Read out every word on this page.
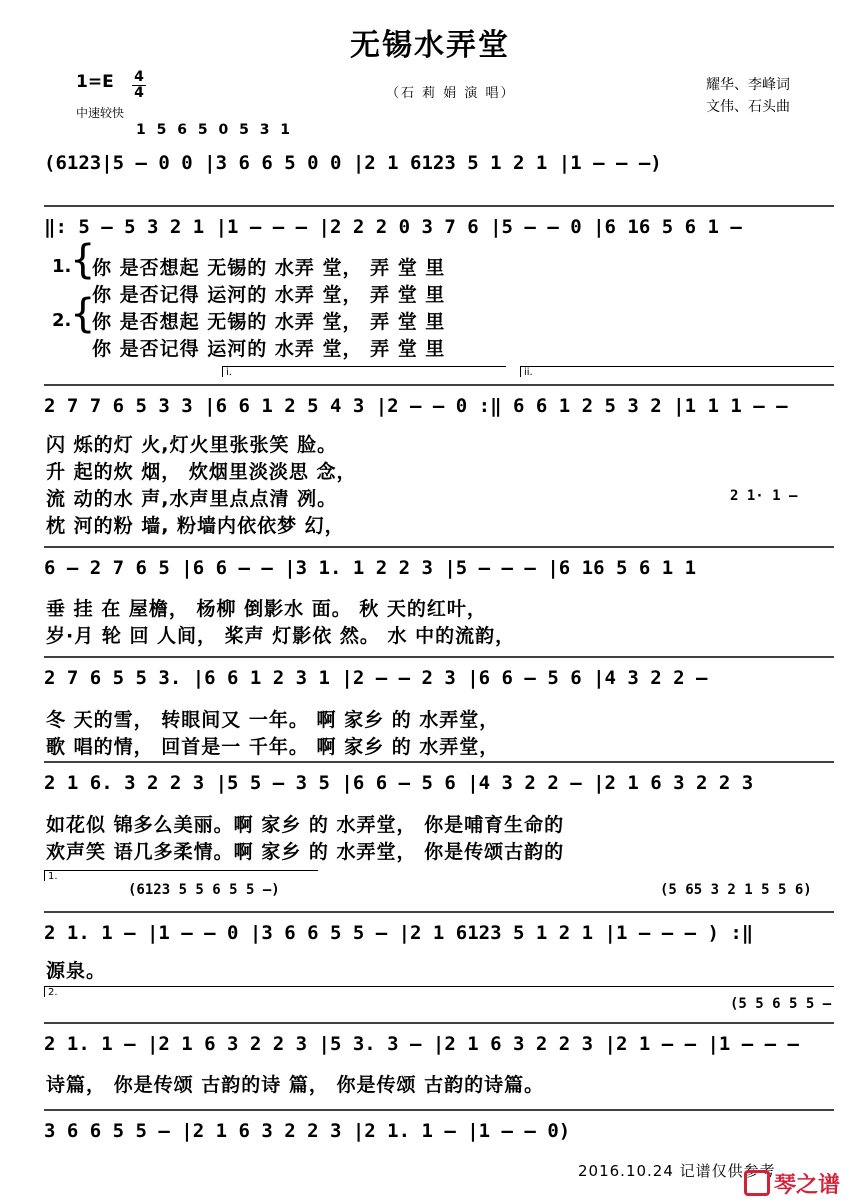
无锡水弄堂
1=E 4
4
中速较快
（石 莉 娟 演 唱）
耀华、李峰词
文伟、石头曲
1 5 6 5 0 5 3 1
(6123|5 – 0 0 |3 6 6 5 0 0 |2 1 6123 5 1 2 1 |1 – – –)
‖: 5 – 5 3 2 1 |1 – – – |2 2 2 0 3 7 6 |5 – – 0 |6 16 5 6 1 –
1.
{
2.
{
你 是否想起 无锡的 水弄 堂， 弄 堂 里
你 是否记得 运河的 水弄 堂， 弄 堂 里
你 是否想起 无锡的 水弄 堂， 弄 堂 里
你 是否记得 运河的 水弄 堂， 弄 堂 里
i.	ii.
2 7 7 6 5 3 3 |6 6 1 2 5 4 3 |2 – – 0 :‖ 6 6 1 2 5 3 2 |1 1 1 – –
闪 烁的灯 火,灯火里张张笑 脸。
升 起的炊 烟， 炊烟里淡淡思 念，
流 动的水 声,水声里点点清 冽。
枕 河的粉 墙, 粉墙内依依梦 幻，
2 1· 1 –
6 – 2 7 6 5 |6 6 – – |3 1. 1 2 2 3 |5 – – – |6 16 5 6 1 1
垂 挂 在 屋檐， 杨柳 倒影水 面。 秋 天的红叶，
岁·月 轮 回 人间， 桨声 灯影依 然。 水 中的流韵，
2 7 6 5 5 3. |6 6 1 2 3 1 |2 – – 2 3 |6 6 – 5 6 |4 3 2 2 –
冬 天的雪， 转眼间又 一年。 啊 家乡 的 水弄堂，
歌 唱的情， 回首是一 千年。 啊 家乡 的 水弄堂，
2 1 6. 3 2 2 3 |5 5 – 3 5 |6 6 – 5 6 |4 3 2 2 – |2 1 6 3 2 2 3
如花似 锦多么美丽。啊 家乡 的 水弄堂， 你是哺育生命的
欢声笑 语几多柔情。啊 家乡 的 水弄堂， 你是传颂古韵的
1.
(6123 5 5 6 5 5 –)	(5 65 3 2 1 5 5 6)
2 1. 1 – |1 – – 0 |3 6 6 5 5 – |2 1 6123 5 1 2 1 |1 – – – ) :‖
源泉。
2.
(5 5 6 5 5 –
2 1. 1 – |2 1 6 3 2 2 3 |5 3. 3 – |2 1 6 3 2 2 3 |2 1 – – |1 – – –
诗篇， 你是传颂 古韵的诗 篇， 你是传颂 古韵的诗篇。
3 6 6 5 5 – |2 1 6 3 2 2 3 |2 1. 1 – |1 – – 0)
2016.10.24 记谱仅供参考
琴之谱
